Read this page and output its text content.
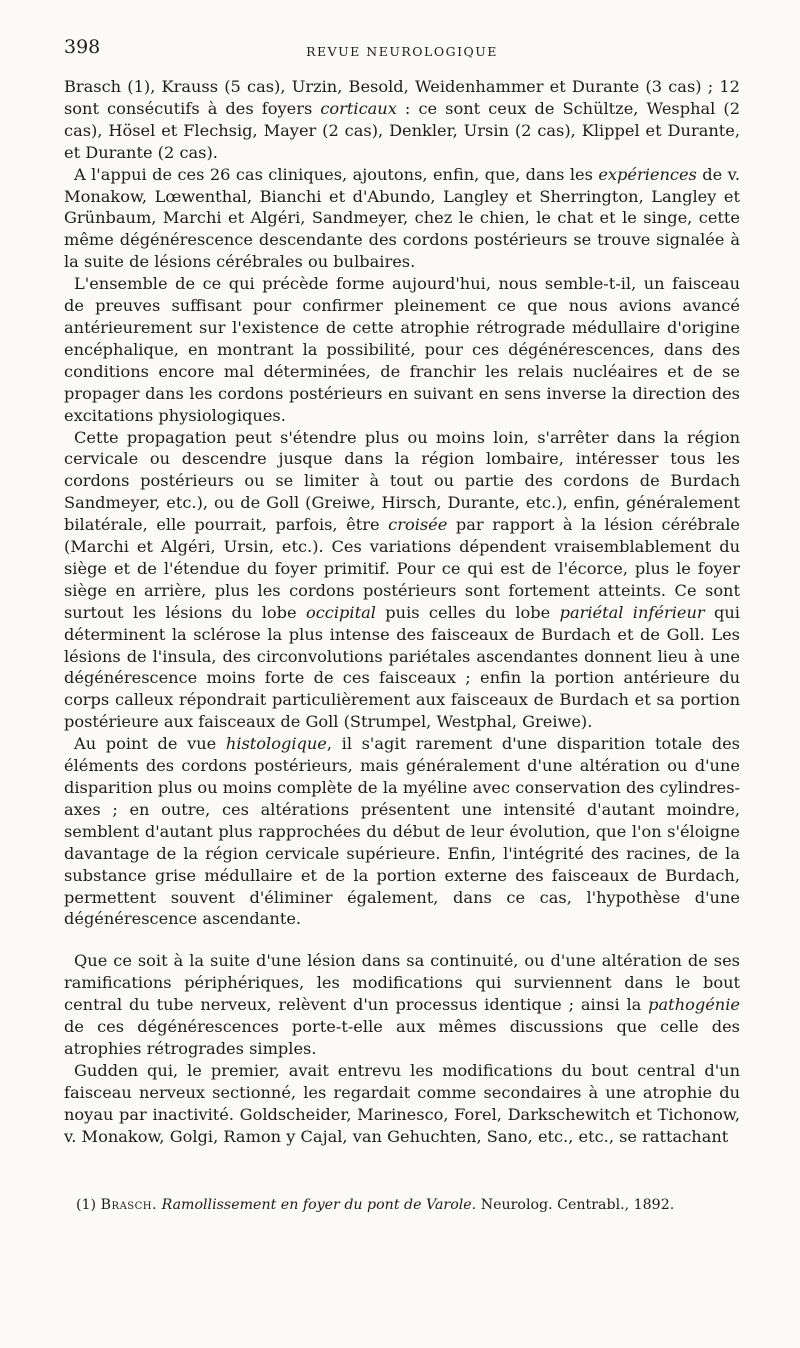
398	REVUE NEUROLOGIQUE

Brasch (1), Krauss (5 cas), Urzin, Besold, Weidenhammer et Durante (3 cas) ; 12 sont consécutifs à des foyers corticaux : ce sont ceux de Schültze, Wesphal (2 cas), Hösel et Flechsig, Mayer (2 cas), Denkler, Ursin (2 cas), Klippel et Durante, et Durante (2 cas).

A l'appui de ces 26 cas cliniques, ajoutons, enfin, que, dans les expériences de v. Monakow, Lœwenthal, Bianchi et d'Abundo, Langley et Sherrington, Langley et Grünbaum, Marchi et Algéri, Sandmeyer, chez le chien, le chat et le singe, cette même dégénérescence descendante des cordons postérieurs se trouve signalée à la suite de lésions cérébrales ou bulbaires.

L'ensemble de ce qui précède forme aujourd'hui, nous semble-t-il, un faisceau de preuves suffisant pour confirmer pleinement ce que nous avions avancé antérieurement sur l'existence de cette atrophie rétrograde médullaire d'origine encéphalique, en montrant la possibilité, pour ces dégénérescences, dans des conditions encore mal déterminées, de franchir les relais nucléaires et de se propager dans les cordons postérieurs en suivant en sens inverse la direction des excitations physiologiques.

Cette propagation peut s'étendre plus ou moins loin, s'arrêter dans la région cervicale ou descendre jusque dans la région lombaire, intéresser tous les cordons postérieurs ou se limiter à tout ou partie des cordons de Burdach Sandmeyer, etc.), ou de Goll (Greiwe, Hirsch, Durante, etc.), enfin, généralement bilatérale, elle pourrait, parfois, être croisée par rapport à la lésion cérébrale (Marchi et Algéri, Ursin, etc.). Ces variations dépendent vraisemblablement du siège et de l'étendue du foyer primitif. Pour ce qui est de l'écorce, plus le foyer siège en arrière, plus les cordons postérieurs sont fortement atteints. Ce sont surtout les lésions du lobe occipital puis celles du lobe pariétal inférieur qui déterminent la sclérose la plus intense des faisceaux de Burdach et de Goll. Les lésions de l'insula, des circonvolutions pariétales ascendantes donnent lieu à une dégénérescence moins forte de ces faisceaux ; enfin la portion antérieure du corps calleux répondrait particulièrement aux faisceaux de Burdach et sa portion postérieure aux faisceaux de Goll (Strumpel, Westphal, Greiwe).

Au point de vue histologique, il s'agit rarement d'une disparition totale des éléments des cordons postérieurs, mais généralement d'une altération ou d'une disparition plus ou moins complète de la myéline avec conservation des cylindres-axes ; en outre, ces altérations présentent une intensité d'autant moindre, semblent d'autant plus rapprochées du début de leur évolution, que l'on s'éloigne davantage de la région cervicale supérieure. Enfin, l'intégrité des racines, de la substance grise médullaire et de la portion externe des faisceaux de Burdach, permettent souvent d'éliminer également, dans ce cas, l'hypothèse d'une dégénérescence ascendante.

Que ce soit à la suite d'une lésion dans sa continuité, ou d'une altération de ses ramifications périphériques, les modifications qui surviennent dans le bout central du tube nerveux, relèvent d'un processus identique ; ainsi la pathogénie de ces dégénérescences porte-t-elle aux mêmes discussions que celle des atrophies rétrogrades simples.

Gudden qui, le premier, avait entrevu les modifications du bout central d'un faisceau nerveux sectionné, les regardait comme secondaires à une atrophie du noyau par inactivité. Goldscheider, Marinesco, Forel, Darkschewitch et Tichonow, v. Monakow, Golgi, Ramon y Cajal, van Gehuchten, Sano, etc., etc., se rattachant

(1) Brasch. Ramollissement en foyer du pont de Varole. Neurolog. Centrabl., 1892.
